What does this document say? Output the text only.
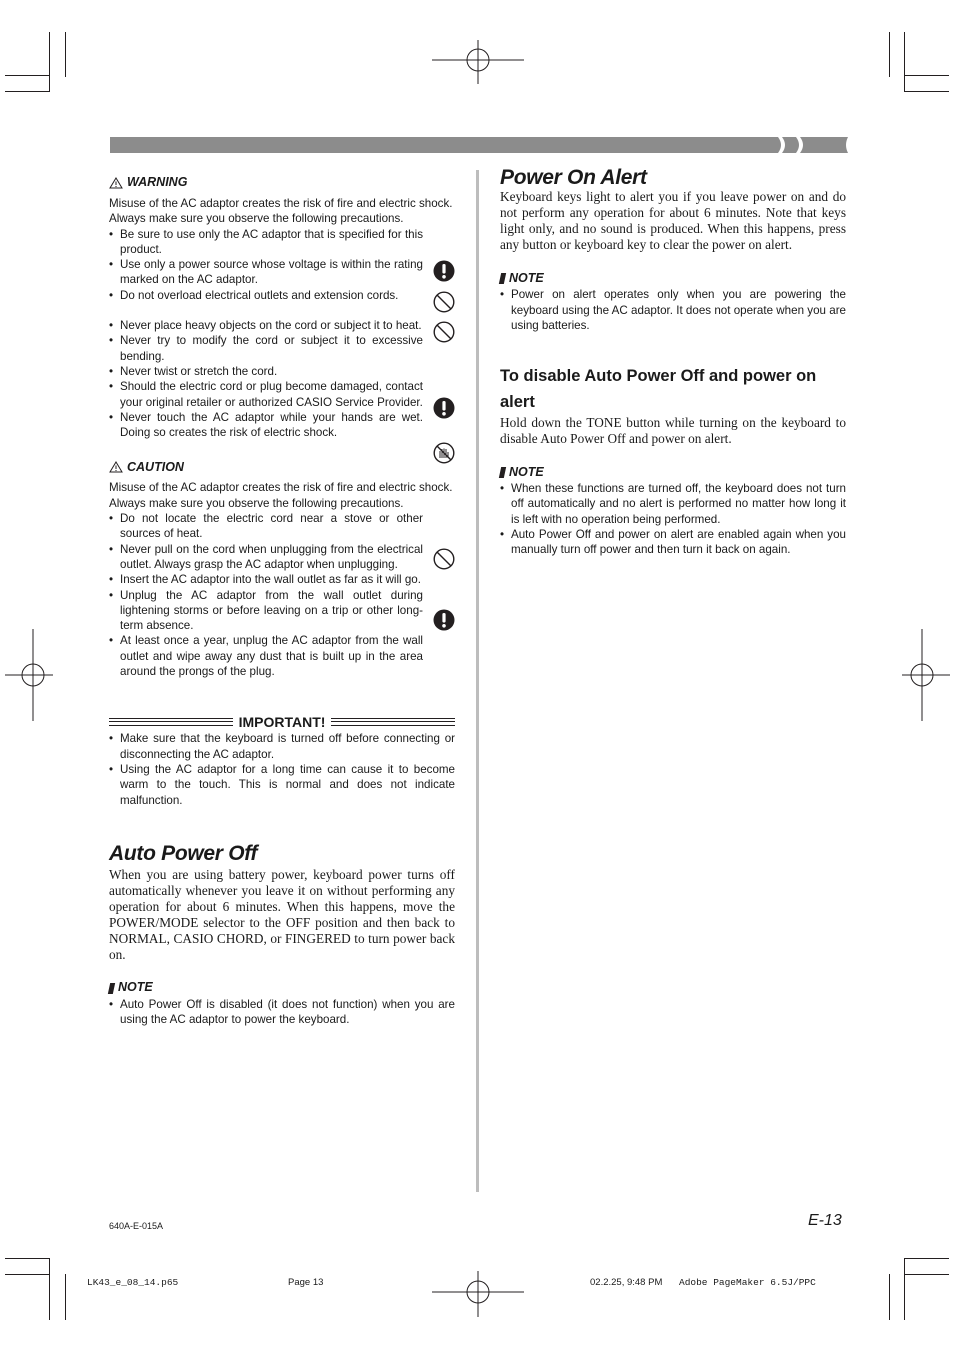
WARNING
Misuse of the AC adaptor creates the risk of fire and electric shock. Always make sure you observe the following precautions.
• Be sure to use only the AC adaptor that is specified for this product.
• Use only a power source whose voltage is within the rating marked on the AC adaptor.
• Do not overload electrical outlets and extension cords.
• Never place heavy objects on the cord or subject it to heat.
• Never try to modify the cord or subject it to excessive bending.
• Never twist or stretch the cord.
• Should the electric cord or plug become damaged, contact your original retailer or authorized CASIO Service Provider.
• Never touch the AC adaptor while your hands are wet. Doing so creates the risk of electric shock.
CAUTION
Misuse of the AC adaptor creates the risk of fire and electric shock. Always make sure you observe the following precautions.
• Do not locate the electric cord near a stove or other sources of heat.
• Never pull on the cord when unplugging from the electrical outlet. Always grasp the AC adaptor when unplugging.
• Insert the AC adaptor into the wall outlet as far as it will go.
• Unplug the AC adaptor from the wall outlet during lightening storms or before leaving on a trip or other long-term absence.
• At least once a year, unplug the AC adaptor from the wall outlet and wipe away any dust that is built up in the area around the prongs of the plug.
IMPORTANT!
• Make sure that the keyboard is turned off before connecting or disconnecting the AC adaptor.
• Using the AC adaptor for a long time can cause it to become warm to the touch. This is normal and does not indicate malfunction.
Auto Power Off
When you are using battery power, keyboard power turns off automatically whenever you leave it on without performing any operation for about 6 minutes. When this happens, move the POWER/MODE selector to the OFF position and then back to NORMAL, CASIO CHORD, or FINGERED to turn power back on.
NOTE
• Auto Power Off is disabled (it does not function) when you are using the AC adaptor to power the keyboard.
Power On Alert
Keyboard keys light to alert you if you leave power on and do not perform any operation for about 6 minutes. Note that keys light only, and no sound is produced. When this happens, press any button or keyboard key to clear the power on alert.
NOTE
• Power on alert operates only when you are powering the keyboard using the AC adaptor. It does not operate when you are using batteries.
To disable Auto Power Off and power on alert
Hold down the TONE button while turning on the keyboard to disable Auto Power Off and power on alert.
NOTE
• When these functions are turned off, the keyboard does not turn off automatically and no alert is performed no matter how long it is left with no operation being performed.
• Auto Power Off and power on alert are enabled again when you manually turn off power and then turn it back on again.
640A-E-015A	E-13
LK43_e_08_14.p65	Page 13	02.2.25, 9:48 PM Adobe PageMaker 6.5J/PPC
